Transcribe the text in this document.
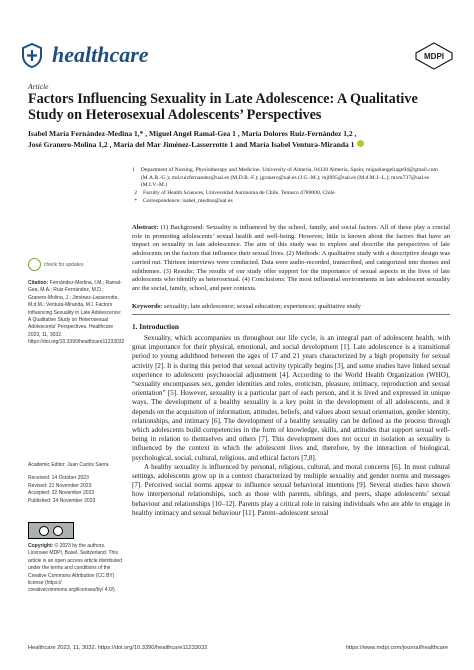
healthcare	MDPI
Article
Factors Influencing Sexuality in Late Adolescence: A Qualitative Study on Heterosexual Adolescents’ Perspectives
Isabel María Fernández-Medina 1,* , Miguel Angel Ramal-Gea 1 , María Dolores Ruiz-Fernández 1,2 ,
José Granero-Molina 1,2 , María del Mar Jiménez-Lasserrotte 1 and María Isabel Ventura-Miranda 1
1 Department of Nursing, Physiotherapy and Medicine, University of Almería, 04120 Almería, Spain; miguelangelrage94@gmail.com (M.A.R.-G.); md.ruizfernandez@ual.es (M.D.R.-F.); jgranero@ual.es (J.G.-M.); mjl095@ual.es (M.d.M.J.-L.); mvm737@ual.es (M.I.V.-M.)
2 Faculty of Health Sciences, Universidad Autónoma de Chile, Temuco 4780000, Chile
* Correspondence: isabel_medina@ual.es
Abstract: (1) Background: Sexuality is influenced by the school, family, and social factors. All of these play a crucial role in promoting adolescents’ sexual health and well-being. However, little is known about the factors that have an impact on sexuality in late adolescence. The aim of this study was to explore and describe the perspectives of late adolescents on the factors that influence their sexual lives. (2) Methods: A qualitative study with a descriptive design was carried out. Thirteen interviews were conducted. Data were audio-recorded, transcribed, and categorized into themes and subthemes. (3) Results: The results of our study offer support for the importance of sexual aspects in the lives of late adolescents who identify as heterosexual. (4) Conclusions: The most influential environments in late adolescent sexuality are the social, family, school, and peer contexts.
Keywords: sexuality; late adolescence; sexual education; experiences; qualitative study
check for updates
Citation: Fernández-Medina, I.M.; Ramal-Gea, M.A.; Ruiz-Fernández, M.D.; Granero-Molina, J.; Jiménez-Lasserrotte, M.d.M.; Ventura-Miranda, M.I. Factors Influencing Sexuality in Late Adolescence: A Qualitative Study on Heterosexual Adolescents’ Perspectives. Healthcare 2023, 11, 3032. https://doi.org/10.3390/healthcare11233032
Academic Editor: Juan Carlos Sierra
Received: 14 October 2023
Revised: 21 November 2023
Accepted: 22 November 2023
Published: 24 November 2023
Copyright: © 2023 by the authors. Licensee MDPI, Basel, Switzerland. This article is an open access article distributed under the terms and conditions of the Creative Commons Attribution (CC BY) license (https:// creativecommons.org/licenses/by/ 4.0/).
1. Introduction

Sexuality, which accompanies us throughout our life cycle, is an integral part of adolescent health, with great importance for their physical, emotional, and social development [1]. Late adolescence is a transitional period to young adulthood between the ages of 17 and 21 years characterized by a high propensity for sexual activity [2]. It is during this period that sexual activity typically begins [3], and some studies have linked sexual experience to adolescent psychosocial adjustment [4]. According to the World Health Organization (WHO), “sexuality encompasses sex, gender identities and roles, eroticism, pleasure, intimacy, reproduction and sexual orientation” [5]. However, sexuality is a particular part of each person, and it is lived and expressed in unique ways. The development of a healthy sexuality is a key point in the development of all adolescents, and it depends on the acquisition of information, attitudes, beliefs, and values about sexual orientation, gender identity, relationships, and intimacy [6]. The development of a healthy sexuality can be defined as the process through which adolescents build competencies in the form of knowledge, skills, and attitudes that support sexual well-being in relation to themselves and others [7]. This development does not occur in isolation as sexuality is influenced by the context in which the adolescent lives and, therefore, by the interaction of biological, psychological, social, cultural, religious, and ethical factors [7,8].

A healthy sexuality is influenced by personal, religious, cultural, and moral concerns [6]. In most cultural settings, adolescents grow up in a context characterized by multiple sexuality and gender norms and messages [7]. Perceived social norms appear to influence sexual behavioral intentions [9]. Several studies have shown how interpersonal relationships, such as those with parents, siblings, and peers, shape adolescents’ sexual behaviour and relationships [10–12]. Parents play a critical role in raising individuals who are able to engage in healthy intimacy and sexual behaviour [11]. Parent–adolescent sexual

Healthcare 2023, 11, 3032. https://doi.org/10.3390/healthcare11233032	https://www.mdpi.com/journal/healthcare
